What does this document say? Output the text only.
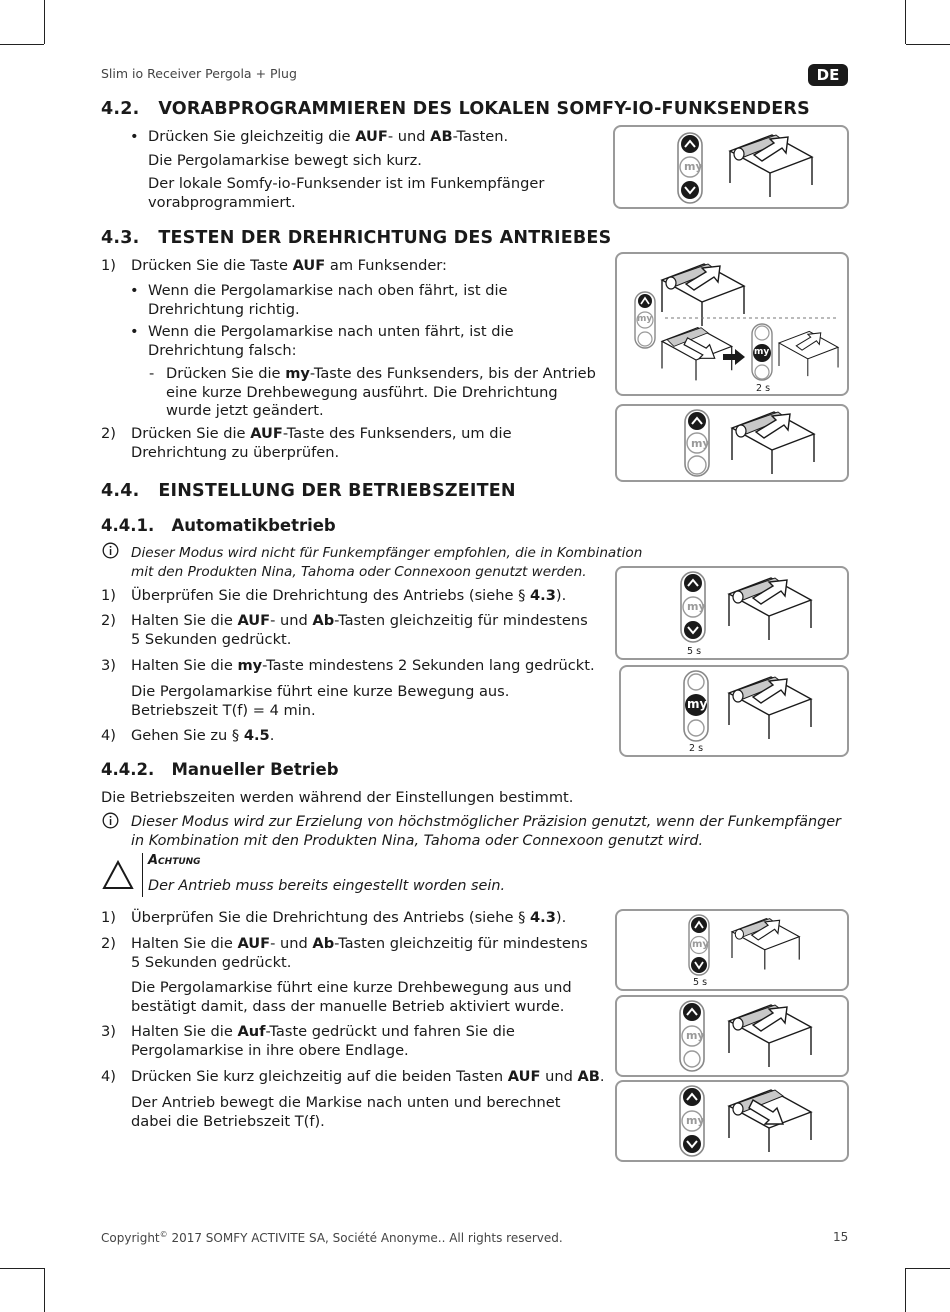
Slim io Receiver Pergola + Plug	DE
4.2.   VORABPROGRAMMIEREN DES LOKALEN SOMFY-IO-FUNKSENDERS
• Drücken Sie gleichzeitig die AUF- und AB-Tasten.
Die Pergolamarkise bewegt sich kurz.
Der lokale Somfy-io-Funksender ist im Funkempfänger
vorabprogrammiert.
4.3.   TESTEN DER DREHRICHTUNG DES ANTRIEBES
1) Drücken Sie die Taste AUF am Funksender:
• Wenn die Pergolamarkise nach oben fährt, ist die
Drehrichtung richtig.
• Wenn die Pergolamarkise nach unten fährt, ist die
Drehrichtung falsch:
- Drücken Sie die my-Taste des Funksenders, bis der Antrieb
eine kurze Drehbewegung ausführt. Die Drehrichtung
wurde jetzt geändert.
2) Drücken Sie die AUF-Taste des Funksenders, um die
Drehrichtung zu überprüfen.
4.4.   EINSTELLUNG DER BETRIEBSZEITEN
4.4.1.   Automatikbetrieb
Dieser Modus wird nicht für Funkempfänger empfohlen, die in Kombination
mit den Produkten Nina, Tahoma oder Connexoon genutzt werden.
1) Überprüfen Sie die Drehrichtung des Antriebs (siehe § 4.3).
2) Halten Sie die AUF- und Ab-Tasten gleichzeitig für mindestens
5 Sekunden gedrückt.
3) Halten Sie die my-Taste mindestens 2 Sekunden lang gedrückt.
Die Pergolamarkise führt eine kurze Bewegung aus.
Betriebszeit T(f) = 4 min.
4) Gehen Sie zu § 4.5.
4.4.2.   Manueller Betrieb
Die Betriebszeiten werden während der Einstellungen bestimmt.
Dieser Modus wird zur Erzielung von höchstmöglicher Präzision genutzt, wenn der Funkempfänger
in Kombination mit den Produkten Nina, Tahoma oder Connexoon genutzt wird.
Achtung
Der Antrieb muss bereits eingestellt worden sein.
1) Überprüfen Sie die Drehrichtung des Antriebs (siehe § 4.3).
2) Halten Sie die AUF- und Ab-Tasten gleichzeitig für mindestens
5 Sekunden gedrückt.
Die Pergolamarkise führt eine kurze Drehbewegung aus und
bestätigt damit, dass der manuelle Betrieb aktiviert wurde.
3) Halten Sie die Auf-Taste gedrückt und fahren Sie die
Pergolamarkise in ihre obere Endlage.
4) Drücken Sie kurz gleichzeitig auf die beiden Tasten AUF und AB.
Der Antrieb bewegt die Markise nach unten und berechnet
dabei die Betriebszeit T(f).
my
my
my
2 s
my
my
5 s
my
2 s
my
5 s
my
my
Copyright© 2017 SOMFY ACTIVITE SA, Société Anonyme.. All rights reserved.	15
